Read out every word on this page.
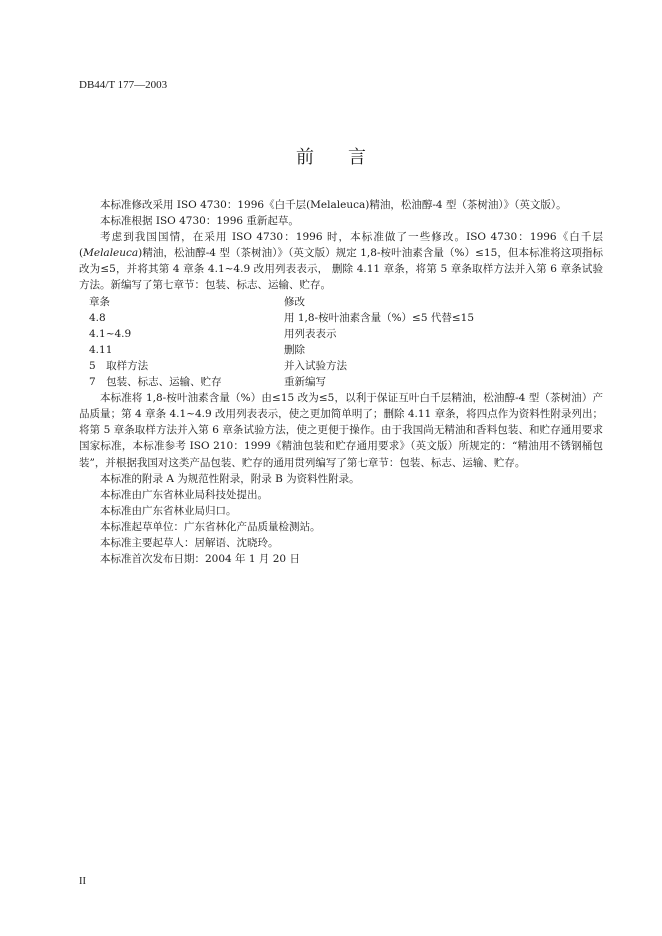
DB44/T 177—2003

前言

本标准修改采用 ISO 4730：1996《白千层(Melaleuca)精油，松油醇-4 型（茶树油）》（英文版）。

本标准根据 ISO 4730：1996 重新起草。

考虑到我国国情，在采用 ISO 4730：1996 时，本标准做了一些修改。ISO 4730：1996《白千层(Melaleuca)精油，松油醇-4 型（茶树油）》（英文版）规定 1,8-桉叶油素含量（%）≤15，但本标准将这项指标改为≤5，并将其第 4 章条 4.1~4.9 改用列表表示， 删除 4.11 章条，将第 5 章条取样方法并入第 6 章条试验方法。新编写了第七章节：包装、标志、运输、贮存。

章条	修改
4.8	用 1,8-桉叶油素含量（%）≤5 代替≤15
4.1~4.9	用列表表示
4.11	删除
5　取样方法	并入试验方法
7　包装、标志、运输、贮存	重新编写

本标准将 1,8-桉叶油素含量（%）由≤15 改为≤5，以利于保证互叶白千层精油，松油醇-4 型（茶树油）产品质量；第 4 章条 4.1~4.9 改用列表表示，使之更加简单明了；删除 4.11 章条，将四点作为资料性附录列出；将第 5 章条取样方法并入第 6 章条试验方法，使之更便于操作。由于我国尚无精油和香料包装、和贮存通用要求国家标准，本标准参考 ISO 210：1999《精油包装和贮存通用要求》（英文版）所规定的：“精油用不锈钢桶包装”，并根据我国对这类产品包装、贮存的通用贯列编写了第七章节：包装、标志、运输、贮存。

本标准的附录 A 为规范性附录，附录 B 为资料性附录。

本标准由广东省林业局科技处提出。

本标准由广东省林业局归口。

本标准起草单位：广东省林化产品质量检测站。

本标准主要起草人：居解语、沈晓玲。

本标准首次发布日期：2004 年 1 月 20 日

II
